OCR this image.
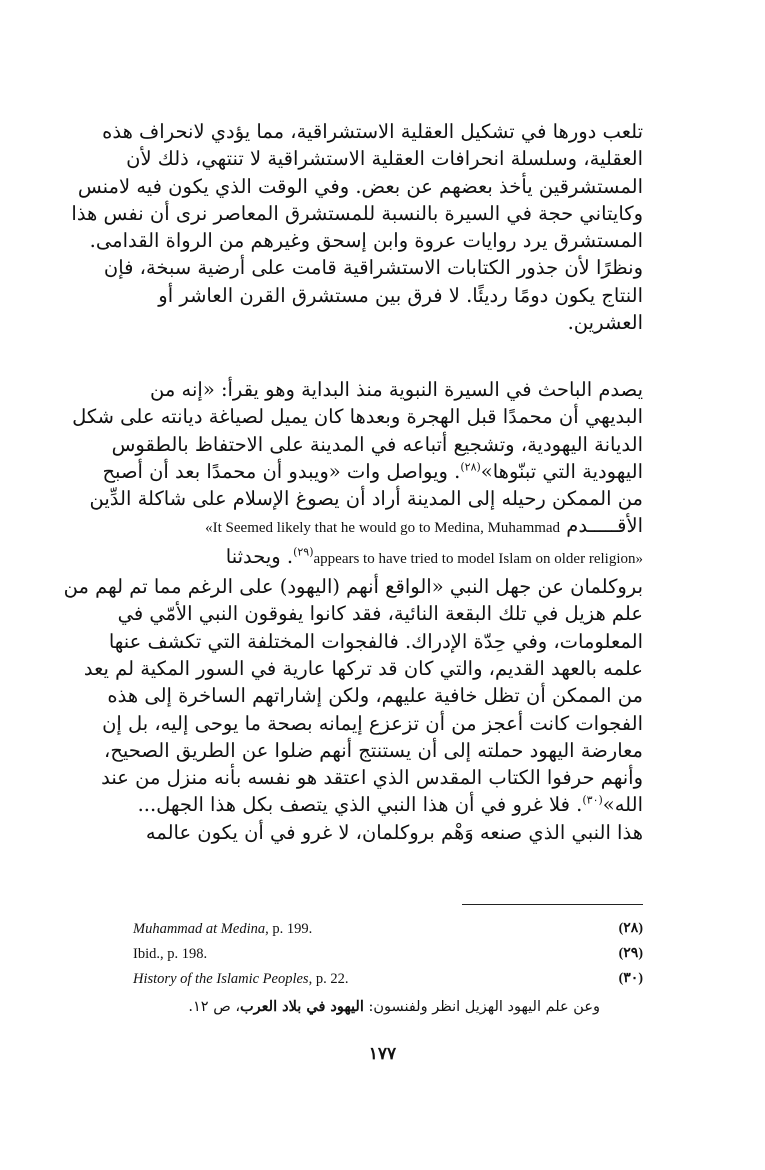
تلعب دورها في تشكيل العقلية الاستشراقية، مما يؤدي لانحراف هذه
العقلية، وسلسلة انحرافات العقلية الاستشراقية لا تنتهي، ذلك لأن
المستشرقين يأخذ بعضهم عن بعض. وفي الوقت الذي يكون فيه لامنس
وكايتاني حجة في السيرة بالنسبة للمستشرق المعاصر نرى أن نفس هذا
المستشرق يرد روايات عروة وابن إسحق وغيرهم من الرواة القدامى.
ونظرًا لأن جذور الكتابات الاستشراقية قامت على أرضية سبخة، فإن
النتاج يكون دومًا رديئًا. لا فرق بين مستشرق القرن العاشر أو
العشرين.
يصدم الباحث في السيرة النبوية منذ البداية وهو يقرأ: «إنه من
البديهي أن محمدًا قبل الهجرة وبعدها كان يميل لصياغة ديانته على شكل
الديانة اليهودية، وتشجيع أتباعه في المدينة على الاحتفاظ بالطقوس
اليهودية التي تبنّوها»$^{(٢٨)}$. ويواصل وات «ويبدو أن محمدًا بعد أن أصبح
من الممكن رحيله إلى المدينة أراد أن يصوغ الإسلام على شاكلة الدِّين
الأقـــــدم «It Seemed likely that he would go to Medina, Muhammad
appears to have tried to model Islam on older religion»$^{(٢٩)}$. ويحدثنا
بروكلمان عن جهل النبي «الواقع أنهم (اليهود) على الرغم مما تم لهم من
علم هزيل في تلك البقعة النائية، فقد كانوا يفوقون النبي الأمّي في
المعلومات، وفي حِدّة الإدراك. فالفجوات المختلفة التي تكشف عنها
علمه بالعهد القديم، والتي كان قد تركها عارية في السور المكية لم يعد
من الممكن أن تظل خافية عليهم، ولكن إشاراتهم الساخرة إلى هذه
الفجوات كانت أعجز من أن تزعزع إيمانه بصحة ما يوحى إليه، بل إن
معارضة اليهود حملته إلى أن يستنتج أنهم ضلوا عن الطريق الصحيح،
وأنهم حرفوا الكتاب المقدس الذي اعتقد هو نفسه بأنه منزل من عند
الله»$^{(٣٠)}$. فلا غرو في أن هذا النبي الذي يتصف بكل هذا الجهل...
هذا النبي الذي صنعه وَهْم بروكلمان، لا غرو في أن يكون عالمه
Muhammad at Medina, p. 199.	(٢٨)
Ibid., p. 198.	(٢٩)
History of the Islamic Peoples, p. 22.	(٣٠)
وعن علم اليهود الهزيل انظر ولفنسون: اليهود في بلاد العرب، ص ١٢.
١٧٧
